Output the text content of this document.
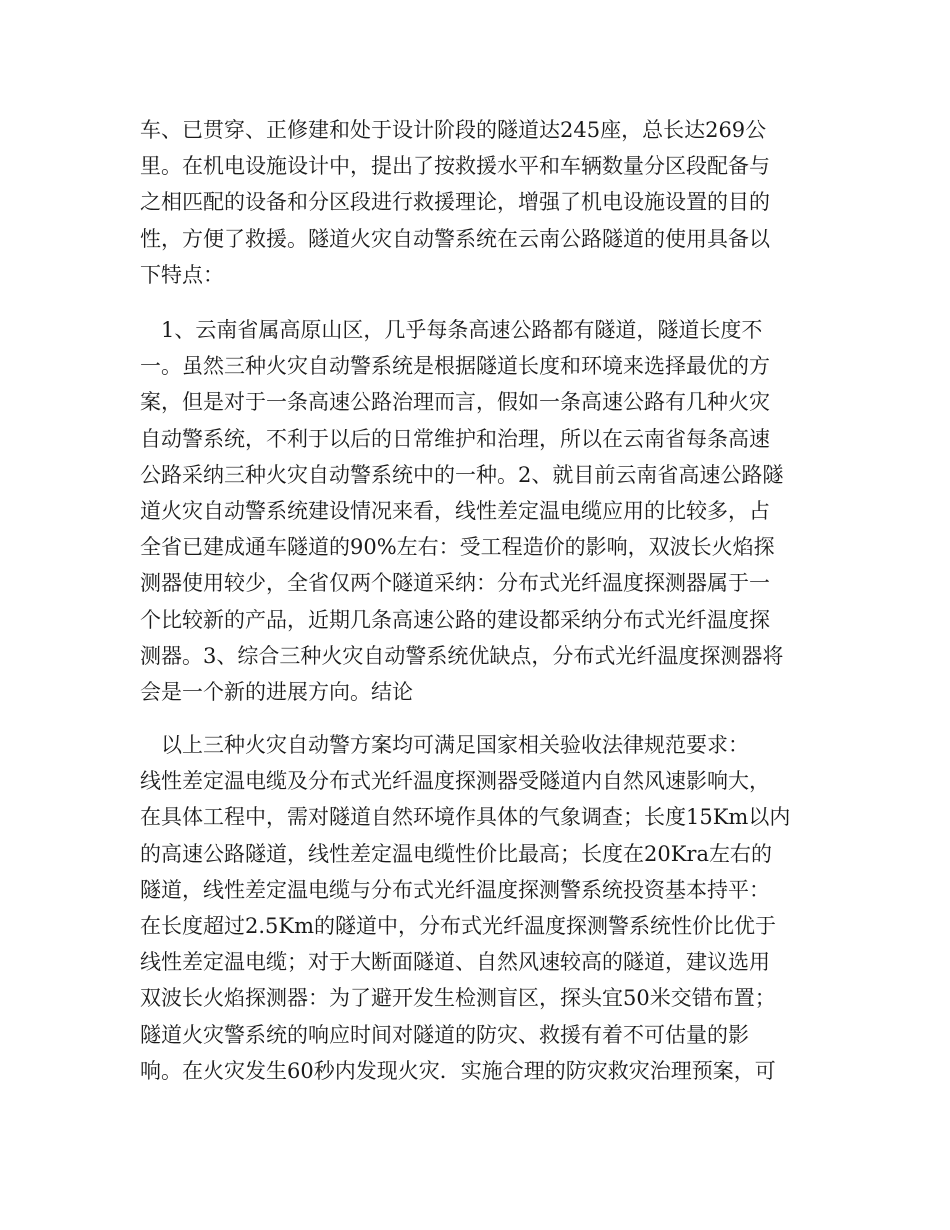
车、已贯穿、正修建和处于设计阶段的隧道达245座，总长达269公
里。在机电设施设计中，提出了按救援水平和车辆数量分区段配备与
之相匹配的设备和分区段进行救援理论，增强了机电设施设置的目的
性，方便了救援。隧道火灾自动警系统在云南公路隧道的使用具备以
下特点：
　1、云南省属高原山区，几乎每条高速公路都有隧道，隧道长度不
一。虽然三种火灾自动警系统是根据隧道长度和环境来选择最优的方
案，但是对于一条高速公路治理而言，假如一条高速公路有几种火灾
自动警系统，不利于以后的日常维护和治理，所以在云南省每条高速
公路采纳三种火灾自动警系统中的一种。2、就目前云南省高速公路隧
道火灾自动警系统建设情况来看，线性差定温电缆应用的比较多，占
全省已建成通车隧道的90%左右：受工程造价的影响，双波长火焰探
测器使用较少，全省仅两个隧道采纳：分布式光纤温度探测器属于一
个比较新的产品，近期几条高速公路的建设都采纳分布式光纤温度探
测器。3、综合三种火灾自动警系统优缺点，分布式光纤温度探测器将
会是一个新的进展方向。结论
　以上三种火灾自动警方案均可满足国家相关验收法律规范要求：
线性差定温电缆及分布式光纤温度探测器受隧道内自然风速影响大，
在具体工程中，需对隧道自然环境作具体的气象调查；长度15Km以内
的高速公路隧道，线性差定温电缆性价比最高；长度在20Kra左右的
隧道，线性差定温电缆与分布式光纤温度探测警系统投资基本持平：
在长度超过2.5Km的隧道中，分布式光纤温度探测警系统性价比优于
线性差定温电缆；对于大断面隧道、自然风速较高的隧道，建议选用
双波长火焰探测器：为了避开发生检测盲区，探头宜50米交错布置；
隧道火灾警系统的响应时间对隧道的防灾、救援有着不可估量的影
响。在火灾发生60秒内发现火灾．实施合理的防灾救灾治理预案，可
